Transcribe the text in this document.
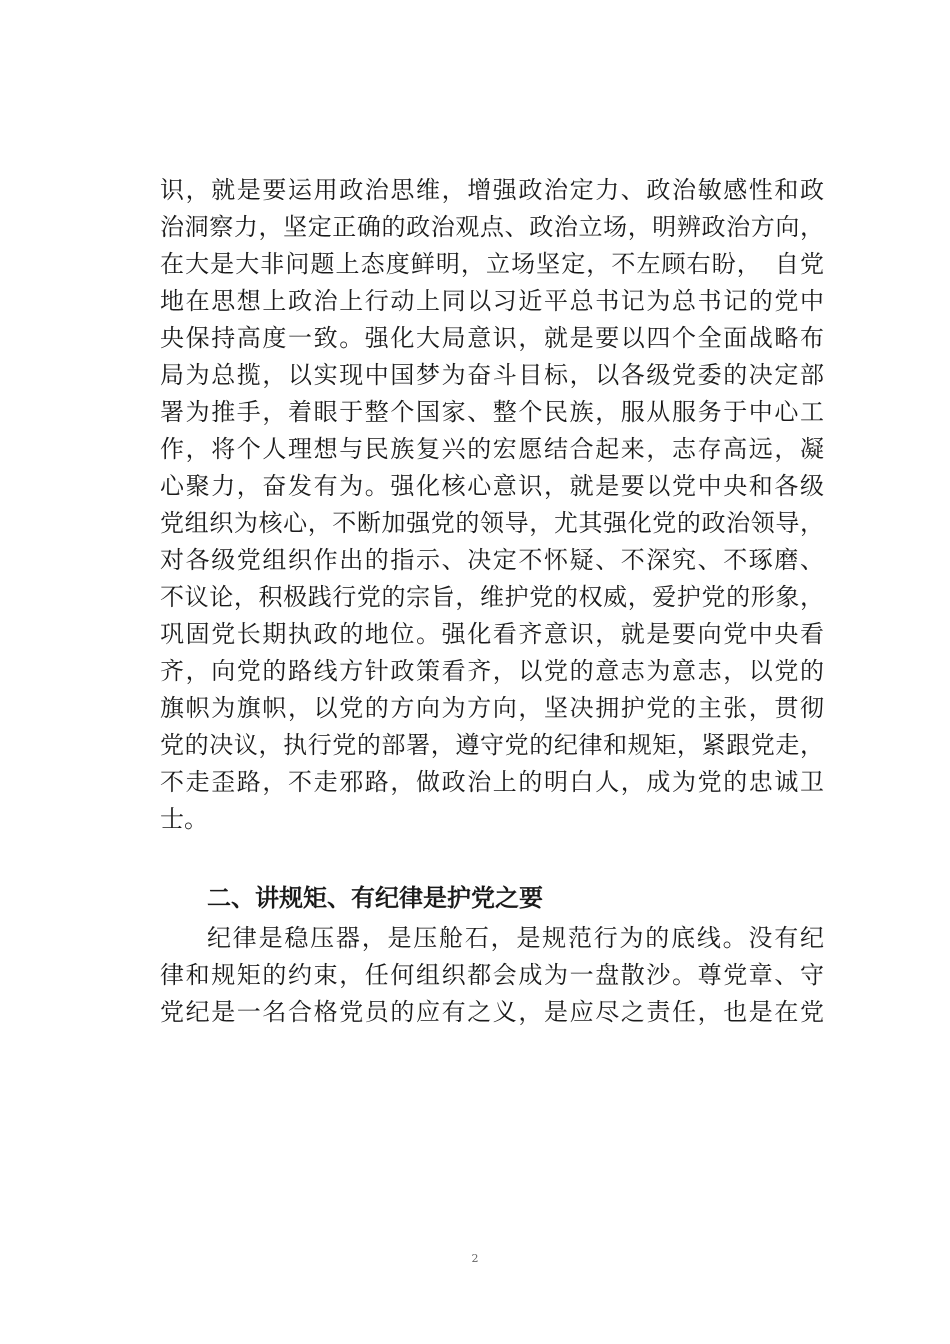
识，就是要运用政治思维，增强政治定力、政治敏感性和政
治洞察力，坚定正确的政治观点、政治立场，明辨政治方向，
在大是大非问题上态度鲜明，立场坚定，不左顾右盼，　自党
地在思想上政治上行动上同以习近平总书记为总书记的党中
央保持高度一致。强化大局意识，就是要以四个全面战略布
局为总揽，以实现中国梦为奋斗目标，以各级党委的决定部
署为推手，着眼于整个国家、整个民族，服从服务于中心工
作，将个人理想与民族复兴的宏愿结合起来，志存高远，凝
心聚力，奋发有为。强化核心意识，就是要以党中央和各级
党组织为核心，不断加强党的领导，尤其强化党的政治领导，
对各级党组织作出的指示、决定不怀疑、不深究、不琢磨、
不议论，积极践行党的宗旨，维护党的权威，爱护党的形象，
巩固党长期执政的地位。强化看齐意识，就是要向党中央看
齐，向党的路线方针政策看齐，以党的意志为意志，以党的
旗帜为旗帜，以党的方向为方向，坚决拥护党的主张，贯彻
党的决议，执行党的部署，遵守党的纪律和规矩，紧跟党走，
不走歪路，不走邪路，做政治上的明白人，成为党的忠诚卫
士。
二、讲规矩、有纪律是护党之要
纪律是稳压器，是压舱石，是规范行为的底线。没有纪
律和规矩的约束，任何组织都会成为一盘散沙。尊党章、守
党纪是一名合格党员的应有之义，是应尽之责任，也是在党
2
